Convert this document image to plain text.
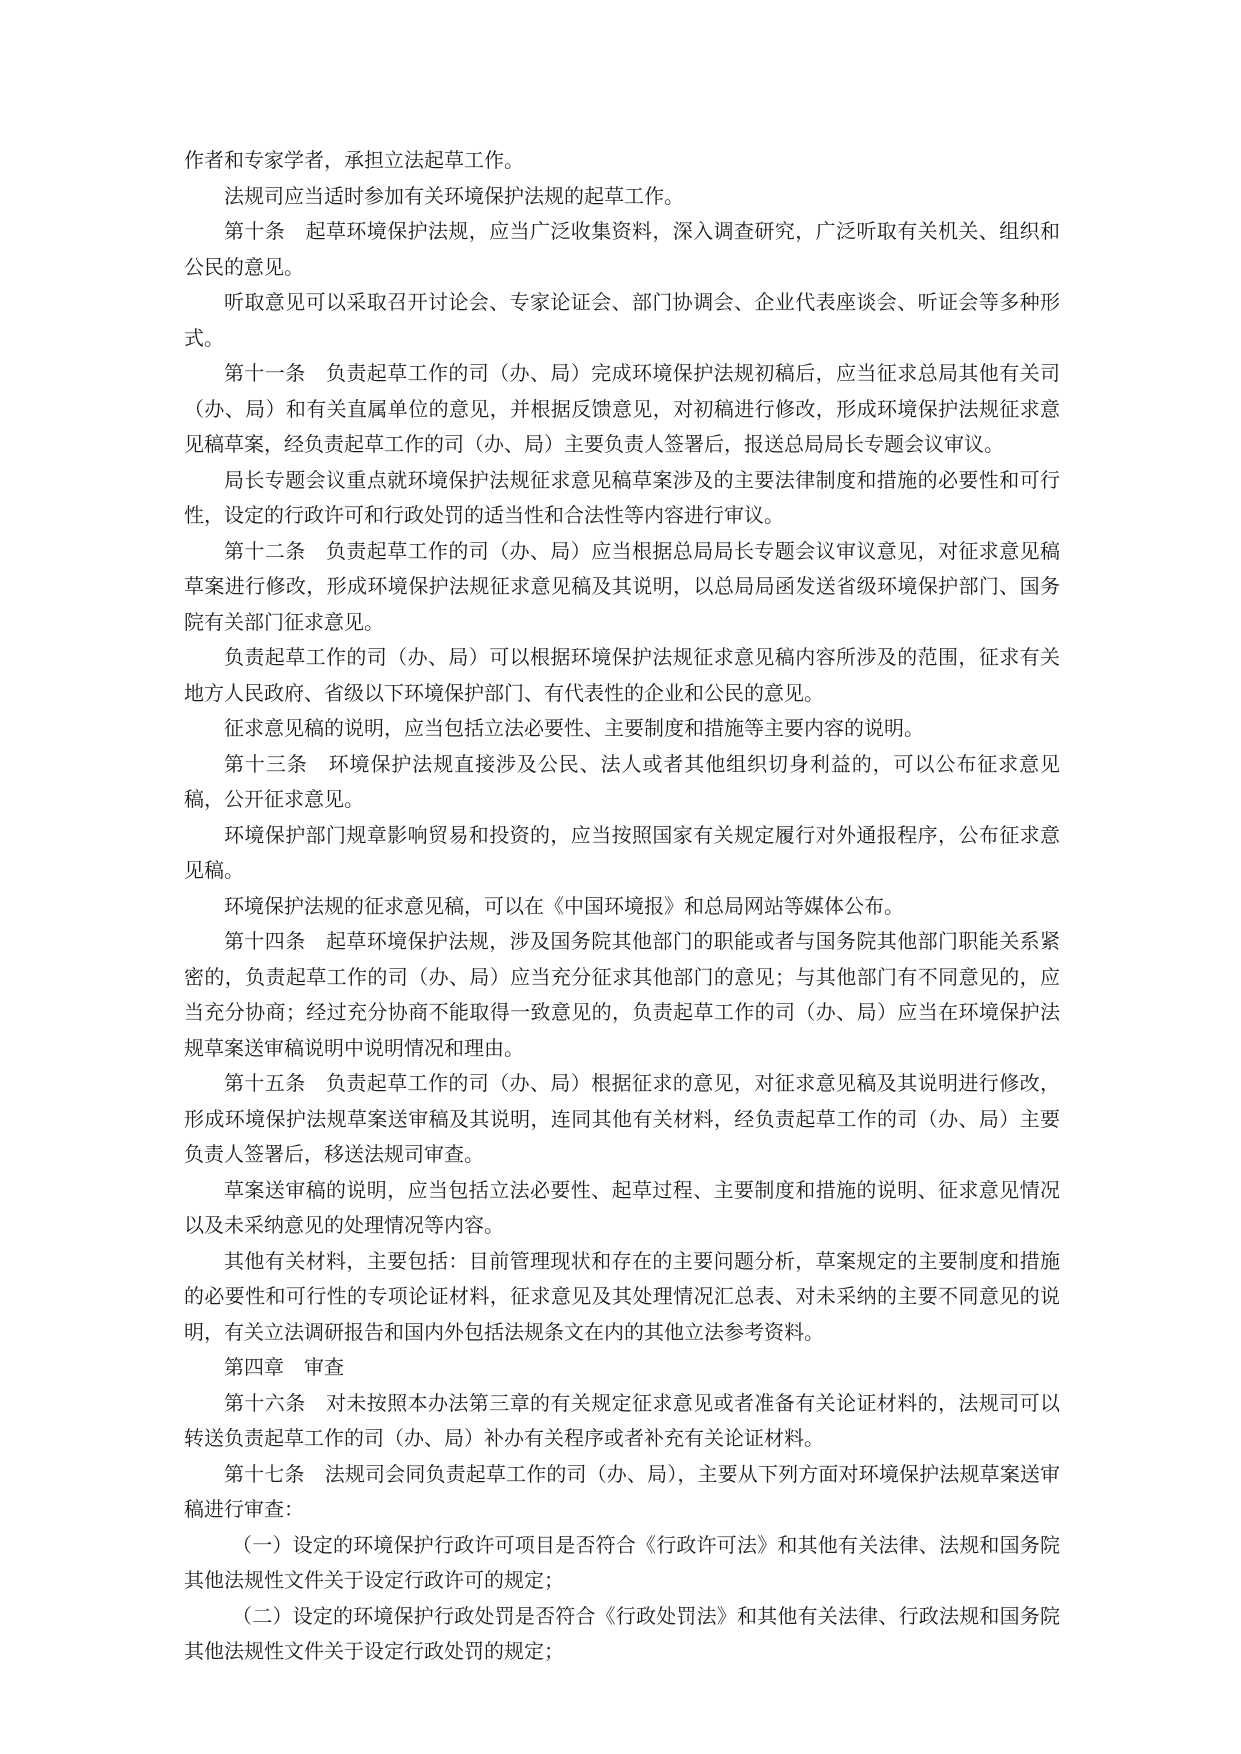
作者和专家学者，承担立法起草工作。

法规司应当适时参加有关环境保护法规的起草工作。

第十条　起草环境保护法规，应当广泛收集资料，深入调查研究，广泛听取有关机关、组织和公民的意见。

听取意见可以采取召开讨论会、专家论证会、部门协调会、企业代表座谈会、听证会等多种形式。

第十一条　负责起草工作的司（办、局）完成环境保护法规初稿后，应当征求总局其他有关司（办、局）和有关直属单位的意见，并根据反馈意见，对初稿进行修改，形成环境保护法规征求意见稿草案，经负责起草工作的司（办、局）主要负责人签署后，报送总局局长专题会议审议。

局长专题会议重点就环境保护法规征求意见稿草案涉及的主要法律制度和措施的必要性和可行性，设定的行政许可和行政处罚的适当性和合法性等内容进行审议。

第十二条　负责起草工作的司（办、局）应当根据总局局长专题会议审议意见，对征求意见稿草案进行修改，形成环境保护法规征求意见稿及其说明，以总局局函发送省级环境保护部门、国务院有关部门征求意见。

负责起草工作的司（办、局）可以根据环境保护法规征求意见稿内容所涉及的范围，征求有关地方人民政府、省级以下环境保护部门、有代表性的企业和公民的意见。

征求意见稿的说明，应当包括立法必要性、主要制度和措施等主要内容的说明。

第十三条　环境保护法规直接涉及公民、法人或者其他组织切身利益的，可以公布征求意见稿，公开征求意见。

环境保护部门规章影响贸易和投资的，应当按照国家有关规定履行对外通报程序，公布征求意见稿。

环境保护法规的征求意见稿，可以在《中国环境报》和总局网站等媒体公布。

第十四条　起草环境保护法规，涉及国务院其他部门的职能或者与国务院其他部门职能关系紧密的，负责起草工作的司（办、局）应当充分征求其他部门的意见；与其他部门有不同意见的，应当充分协商；经过充分协商不能取得一致意见的，负责起草工作的司（办、局）应当在环境保护法规草案送审稿说明中说明情况和理由。

第十五条　负责起草工作的司（办、局）根据征求的意见，对征求意见稿及其说明进行修改，形成环境保护法规草案送审稿及其说明，连同其他有关材料，经负责起草工作的司（办、局）主要负责人签署后，移送法规司审查。

草案送审稿的说明，应当包括立法必要性、起草过程、主要制度和措施的说明、征求意见情况以及未采纳意见的处理情况等内容。

其他有关材料，主要包括：目前管理现状和存在的主要问题分析，草案规定的主要制度和措施的必要性和可行性的专项论证材料，征求意见及其处理情况汇总表、对未采纳的主要不同意见的说明，有关立法调研报告和国内外包括法规条文在内的其他立法参考资料。

第四章　审查

第十六条　对未按照本办法第三章的有关规定征求意见或者准备有关论证材料的，法规司可以转送负责起草工作的司（办、局）补办有关程序或者补充有关论证材料。

第十七条　法规司会同负责起草工作的司（办、局），主要从下列方面对环境保护法规草案送审稿进行审查：

（一）设定的环境保护行政许可项目是否符合《行政许可法》和其他有关法律、法规和国务院其他法规性文件关于设定行政许可的规定；

（二）设定的环境保护行政处罚是否符合《行政处罚法》和其他有关法律、行政法规和国务院其他法规性文件关于设定行政处罚的规定；
